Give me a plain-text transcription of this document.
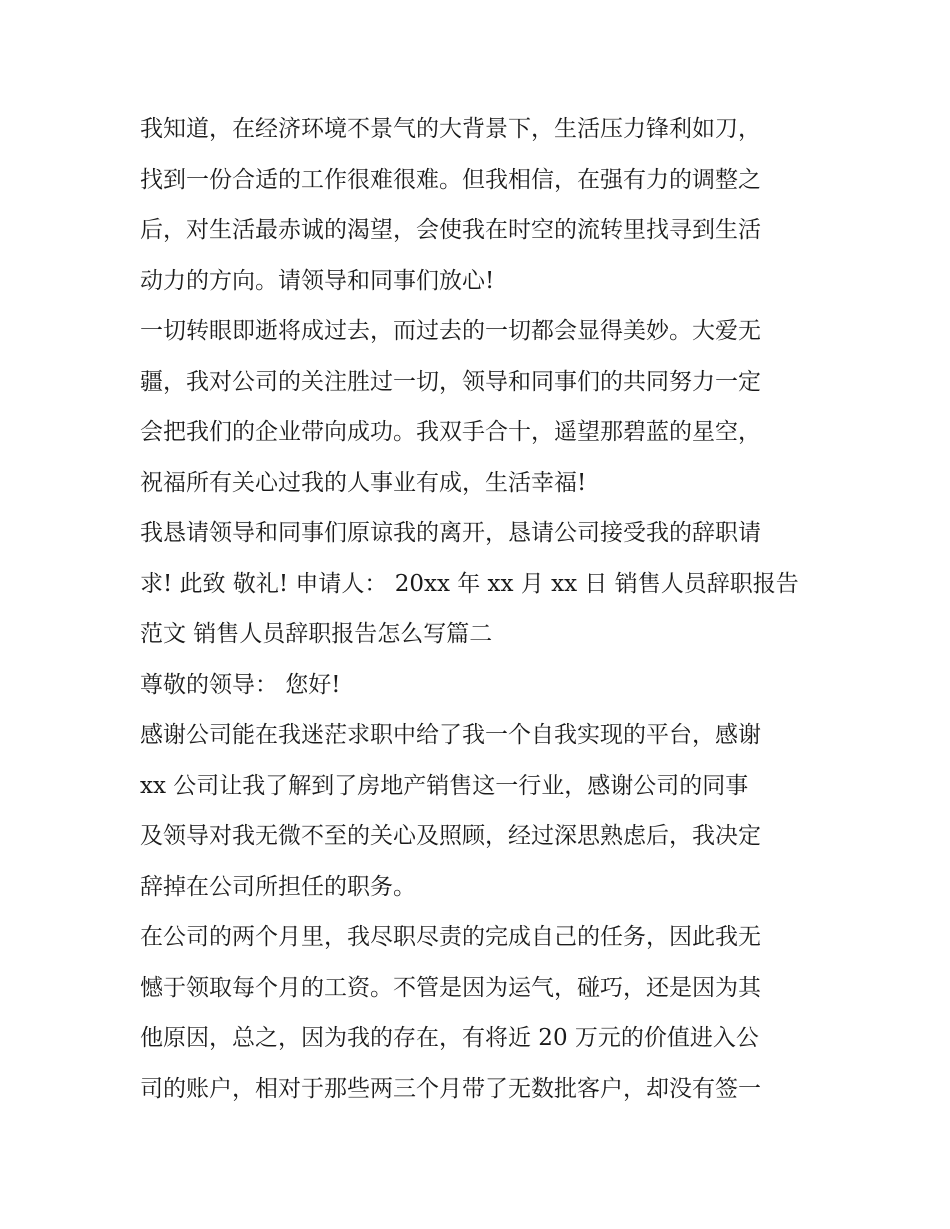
我知道，在经济环境不景气的大背景下，生活压力锋利如刀，
找到一份合适的工作很难很难。但我相信，在强有力的调整之
后，对生活最赤诚的渴望，会使我在时空的流转里找寻到生活
动力的方向。请领导和同事们放心!
一切转眼即逝将成过去，而过去的一切都会显得美妙。大爱无
疆，我对公司的关注胜过一切，领导和同事们的共同努力一定
会把我们的企业带向成功。我双手合十，遥望那碧蓝的星空，
祝福所有关心过我的人事业有成，生活幸福!
我恳请领导和同事们原谅我的离开，恳请公司接受我的辞职请
求! 此致 敬礼! 申请人： 20xx 年 xx 月 xx 日 销售人员辞职报告
范文 销售人员辞职报告怎么写篇二
尊敬的领导： 您好!
感谢公司能在我迷茫求职中给了我一个自我实现的平台，感谢
xx 公司让我了解到了房地产销售这一行业，感谢公司的同事
及领导对我无微不至的关心及照顾，经过深思熟虑后，我决定
辞掉在公司所担任的职务。
在公司的两个月里，我尽职尽责的完成自己的任务，因此我无
憾于领取每个月的工资。不管是因为运气，碰巧，还是因为其
他原因，总之，因为我的存在，有将近 20 万元的价值进入公
司的账户，相对于那些两三个月带了无数批客户，却没有签一
